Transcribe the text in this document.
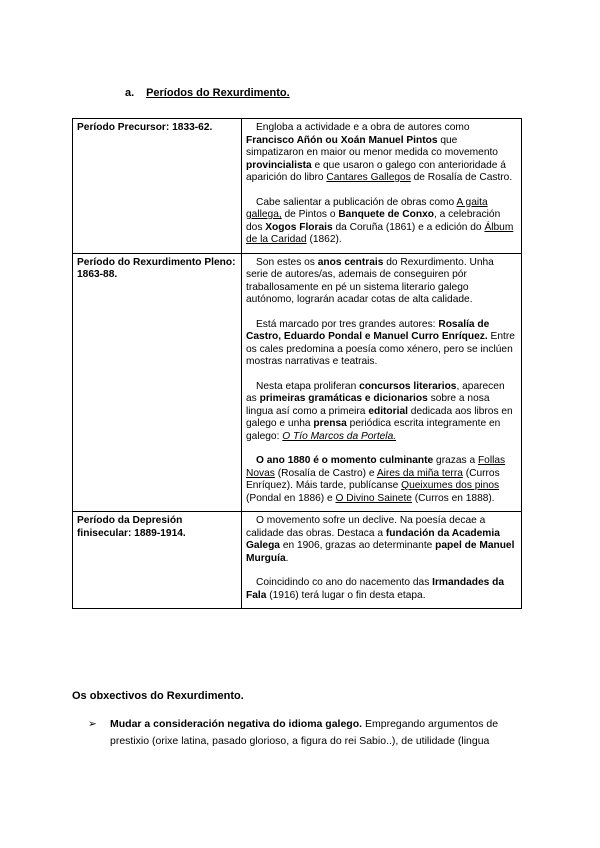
a. Períodos do Rexurdimento.
Período Precursor: 1833-62.	Engloba a actividade e a obra de autores como Francisco Añón ou Xoán Manuel Pintos que simpatizaron en maior ou menor medida co movemento provincialista e que usaron o galego con anterioridade á aparición do libro Cantares Gallegos de Rosalía de Castro.

Cabe salientar a publicación de obras como A gaita gallega, de Pintos o Banquete de Conxo, a celebración dos Xogos Florais da Coruña (1861) e a edición do Álbum de la Caridad (1862).

Período do Rexurdimento Pleno: 1863-88.	Son estes os anos centrais do Rexurdimento. Unha serie de autores/as, ademais de conseguiren pór traballosamente en pé un sistema literario galego autónomo, lograrán acadar cotas de alta calidade.

Está marcado por tres grandes autores: Rosalía de Castro, Eduardo Pondal e Manuel Curro Enríquez. Entre os cales predomina a poesía como xénero, pero se inclúen mostras narrativas e teatrais.

Nesta etapa proliferan concursos literarios, aparecen as primeiras gramáticas e dicionarios sobre a nosa lingua así como a primeira editorial dedicada aos libros en galego e unha prensa periódica escrita integramente en galego: O Tío Marcos da Portela.

O ano 1880 é o momento culminante grazas a Follas Novas (Rosalía de Castro) e Aires da miña terra (Curros Enríquez). Máis tarde, publícanse Queixumes dos pinos (Pondal en 1886) e O Divino Sainete (Curros en 1888).

Período da Depresión finisecular: 1889-1914.	O movemento sofre un declive. Na poesía decae a calidade das obras. Destaca a fundación da Academia Galega en 1906, grazas ao determinante papel de Manuel Murguía.

Coincidindo co ano do nacemento das Irmandades da Fala (1916) terá lugar o fin desta etapa.

Os obxectivos do Rexurdimento.
➢ Mudar a consideración negativa do idioma galego. Empregando argumentos de prestixio (orixe latina, pasado glorioso, a figura do rei Sabio..), de utilidade (lingua
